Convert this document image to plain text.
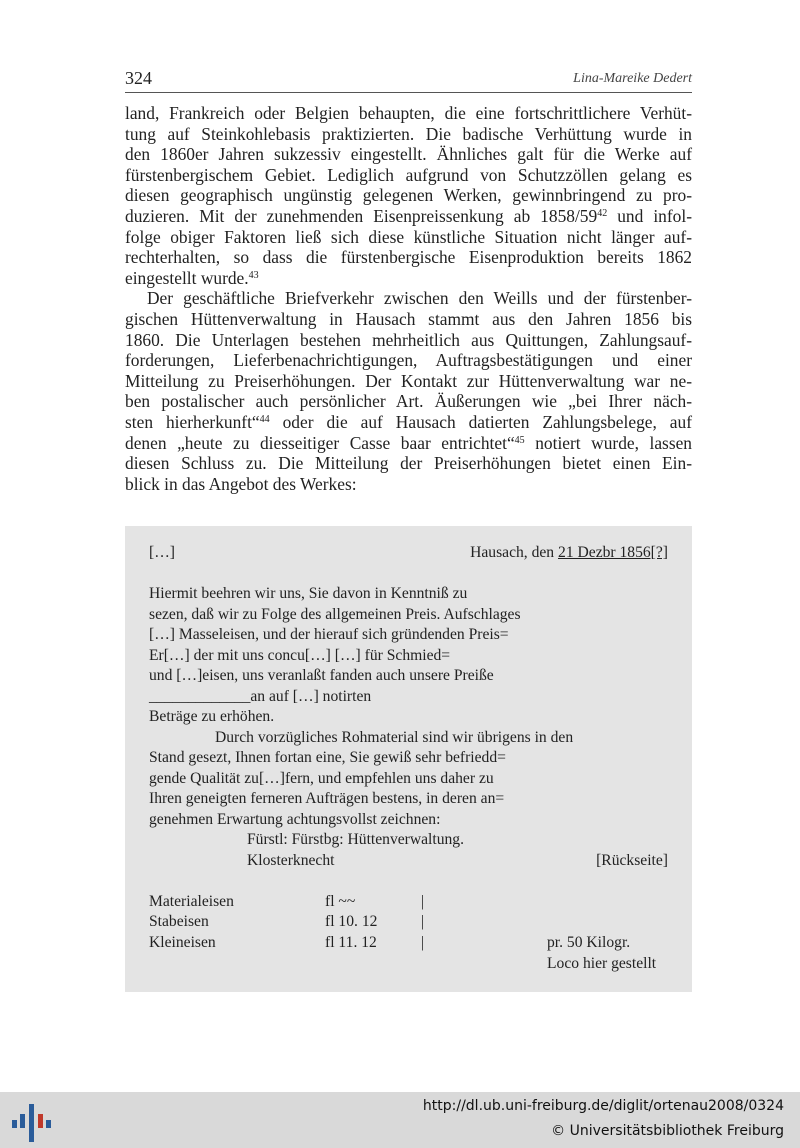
324	Lina-Mareike Dedert
land, Frankreich oder Belgien behaupten, die eine fortschrittlichere Verhüt-
tung auf Steinkohlebasis praktizierten. Die badische Verhüttung wurde in
den 1860er Jahren sukzessiv eingestellt. Ähnliches galt für die Werke auf
fürstenbergischem Gebiet. Lediglich aufgrund von Schutzzöllen gelang es
diesen geographisch ungünstig gelegenen Werken, gewinnbringend zu pro-
duzieren. Mit der zunehmenden Eisenpreissenkung ab $1858/59^{42}$ und infol-
folge obiger Faktoren ließ sich diese künstliche Situation nicht länger auf-
rechterhalten, so dass die fürstenbergische Eisenproduktion bereits 1862
eingestellt wurde.$^{43}$
Der geschäftliche Briefverkehr zwischen den Weills und der fürstenber-
gischen Hüttenverwaltung in Hausach stammt aus den Jahren 1856 bis
1860. Die Unterlagen bestehen mehrheitlich aus Quittungen, Zahlungsauf-
forderungen, Lieferbenachrichtigungen, Auftragsbestätigungen und einer
Mitteilung zu Preiserhöhungen. Der Kontakt zur Hüttenverwaltung war ne-
ben postalischer auch persönlicher Art. Äußerungen wie „bei Ihrer näch-
sten hierherkunft“$^{44}$ oder die auf Hausach datierten Zahlungsbelege, auf
denen „heute zu diesseitiger Casse baar entrichtet“$^{45}$ notiert wurde, lassen
diesen Schluss zu. Die Mitteilung der Preiserhöhungen bietet einen Ein-
blick in das Angebot des Werkes:
[…]	Hausach, den 21 Dezbr 1856[?]
Hiermit beehren wir uns, Sie davon in Kenntniß zu
sezen, daß wir zu Folge des allgemeinen Preis. Aufschlages
[…] Masseleisen, und der hierauf sich gründenden Preis=
Er[…] der mit uns concu[…] […] für Schmied=
und […]eisen, uns veranlaßt fanden auch unsere Preiße
_____________an auf […] notirten
Beträge zu erhöhen.
Durch vorzügliches Rohmaterial sind wir übrigens in den
Stand gesezt, Ihnen fortan eine, Sie gewiß sehr befriedd=
gende Qualität zu[…]fern, und empfehlen uns daher zu
Ihren geneigten ferneren Aufträgen bestens, in deren an=
genehmen Erwartung achtungsvollst zeichnen:
Fürstl: Fürstbg: Hüttenverwaltung.
Klosterknecht	[Rückseite]
Materialeisen	fl ~~	|
Stabeisen	fl 10. 12	|
Kleineisen	fl 11. 12	|	pr. 50 Kilogr.
Loco hier gestellt
http://dl.ub.uni-freiburg.de/diglit/ortenau2008/0324
© Universitätsbibliothek Freiburg
